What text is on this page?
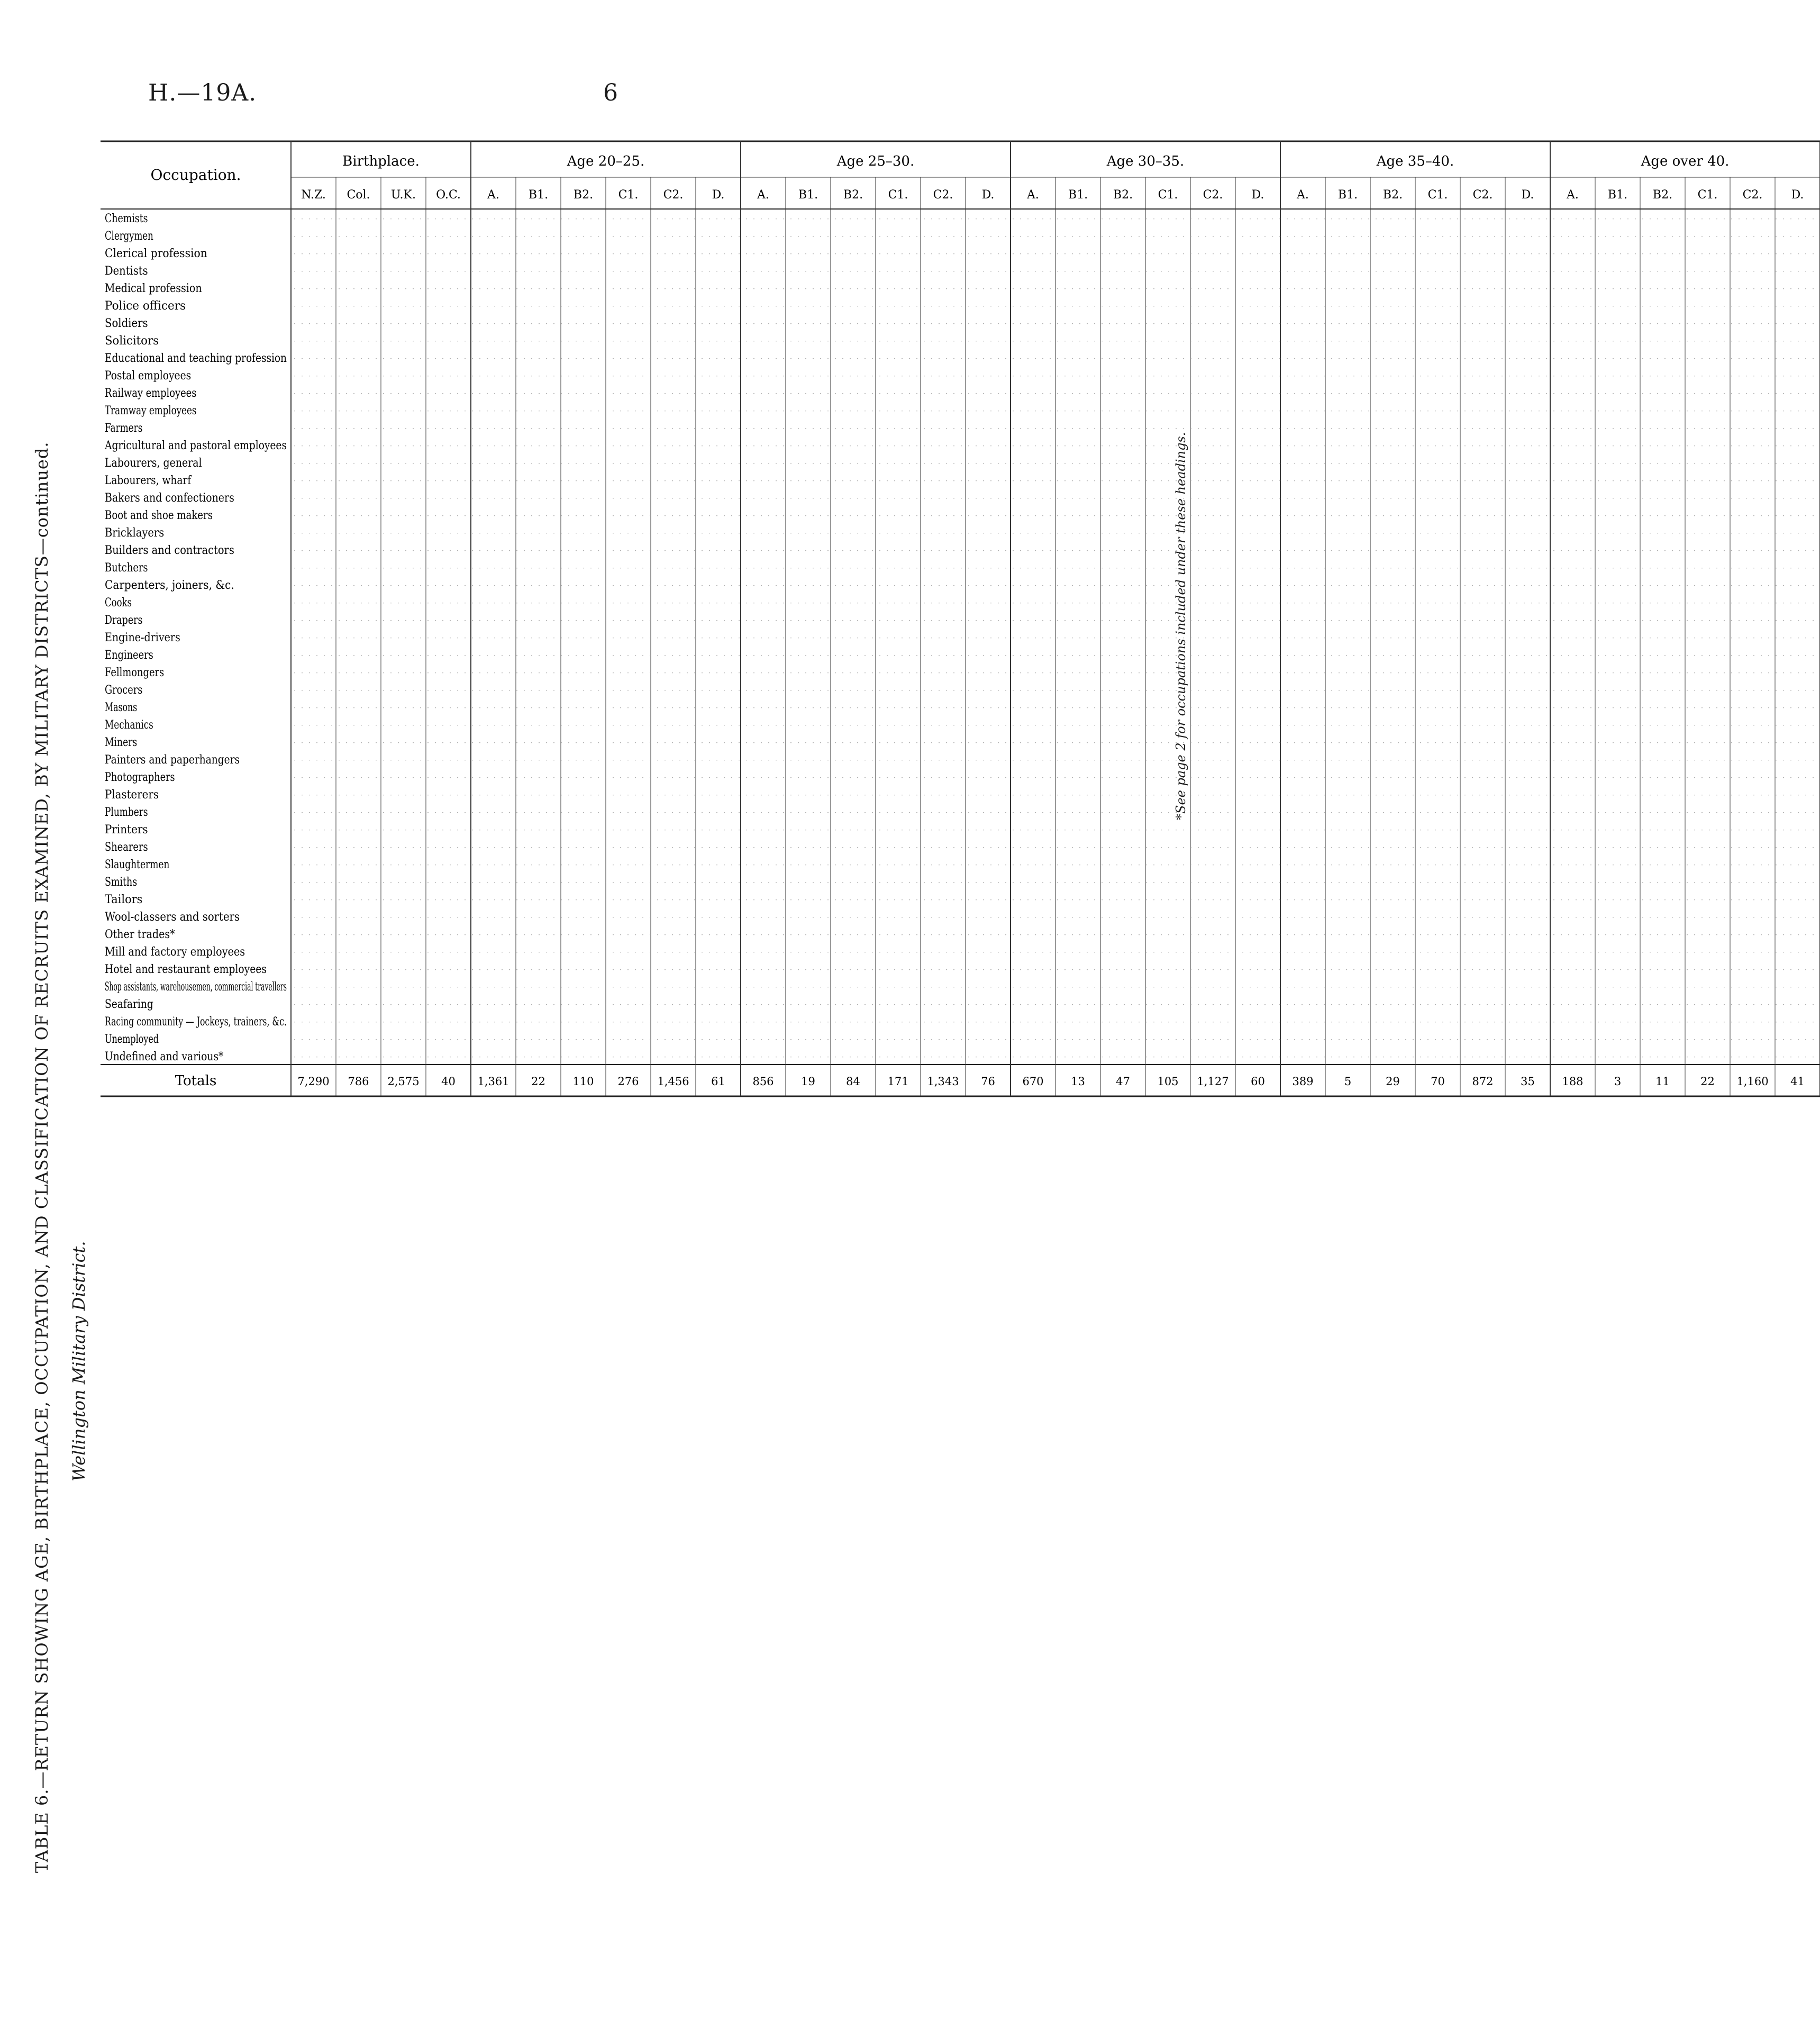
H.—19A.	6
TABLE 6.—RETURN SHOWING AGE, BIRTHPLACE, OCCUPATION, AND CLASSIFICATION OF RECRUITS EXAMINED, BY MILITARY DISTRICTS—continued. Wellington Military District.
Occupation.
Birthplace.
N.Z. Col. U.K. O.C.
Age 20–25.
A. B1. B2. C1. C2. D.
Age 25–30.
A. B1. B2. C1. C2. D.
Age 30–35.
A. B1. B2. C1. C2. D.
Age 35–40.
A. B1. B2. C1. C2. D.
Age over 40.
A. B1. B2. C1. C2. D.
Chemists
Clergymen
Clerical profession
Dentists
Medical profession
Police officers
Soldiers
Solicitors
Educational and teaching profession
Postal employees
Railway employees
Tramway employees
Farmers
Agricultural and pastoral employees
Labourers, general
Labourers, wharf
Bakers and confectioners
Boot and shoe makers
Bricklayers
Builders and contractors
Butchers
Carpenters, joiners, &c.
Cooks
Drapers
Engine-drivers
Engineers
Fellmongers
Grocers
Masons
Mechanics
Miners
Painters and paperhangers
Photographers
Plasterers
Plumbers
Printers
Shearers
Slaughtermen
Smiths
Tailors
Wool-classers and sorters
Other trades*
Mill and factory employees
Hotel and restaurant employees
Shop assistants, warehousemen, commercial travellers
Seafaring
Racing community — Jockeys, trainers, &c.
Unemployed
Undefined and various*
Totals	7,290 786 2,575 40 1,361 22 110 276 1,456 61 856 19	84 171 1,343 76 670 13	47 105 1,127 60 389	5	29	70 872 35 188	3	11	22 1,160 41
*See page 2 for occupations included under these headings.
